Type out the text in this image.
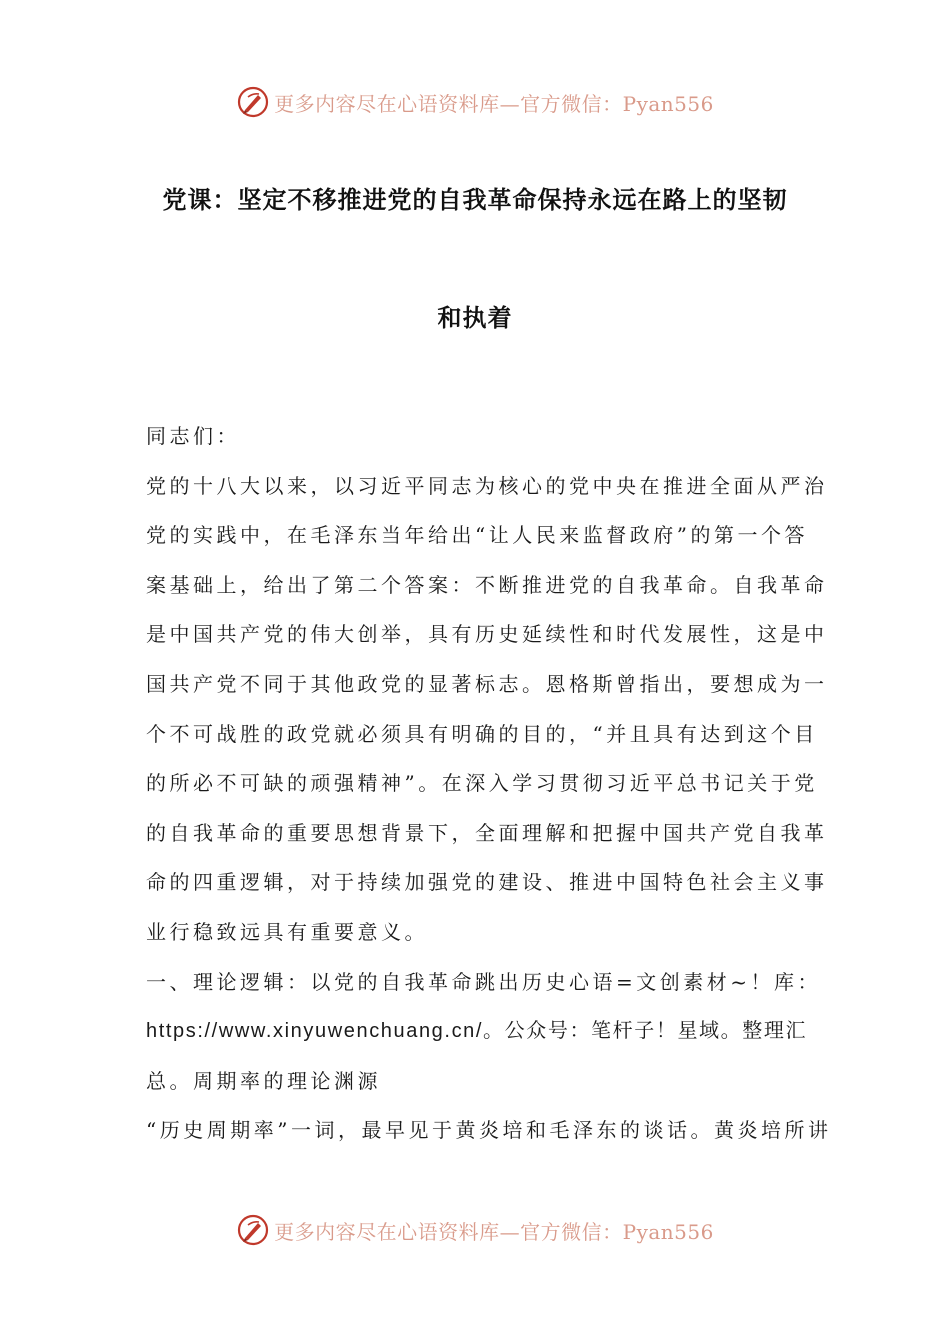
更多内容尽在心语资料库—官方微信：Pyan556
党课：坚定不移推进党的自我革命保持永远在路上的坚韧
和执着
同志们：
党的十八大以来，以习近平同志为核心的党中央在推进全面从严治
党的实践中，在毛泽东当年给出“让人民来监督政府”的第一个答
案基础上，给出了第二个答案：不断推进党的自我革命。自我革命
是中国共产党的伟大创举，具有历史延续性和时代发展性，这是中
国共产党不同于其他政党的显著标志。恩格斯曾指出，要想成为一
个不可战胜的政党就必须具有明确的目的，“并且具有达到这个目
的所必不可缺的顽强精神”。在深入学习贯彻习近平总书记关于党
的自我革命的重要思想背景下，全面理解和把握中国共产党自我革
命的四重逻辑，对于持续加强党的建设、推进中国特色社会主义事
业行稳致远具有重要意义。
一、理论逻辑：以党的自我革命跳出历史心语=文创素材~！库：
https://www.xinyuwenchuang.cn/。公众号：笔杆子！星域。整理汇
总。周期率的理论渊源
“历史周期率”一词，最早见于黄炎培和毛泽东的谈话。黄炎培所讲
更多内容尽在心语资料库—官方微信：Pyan556
